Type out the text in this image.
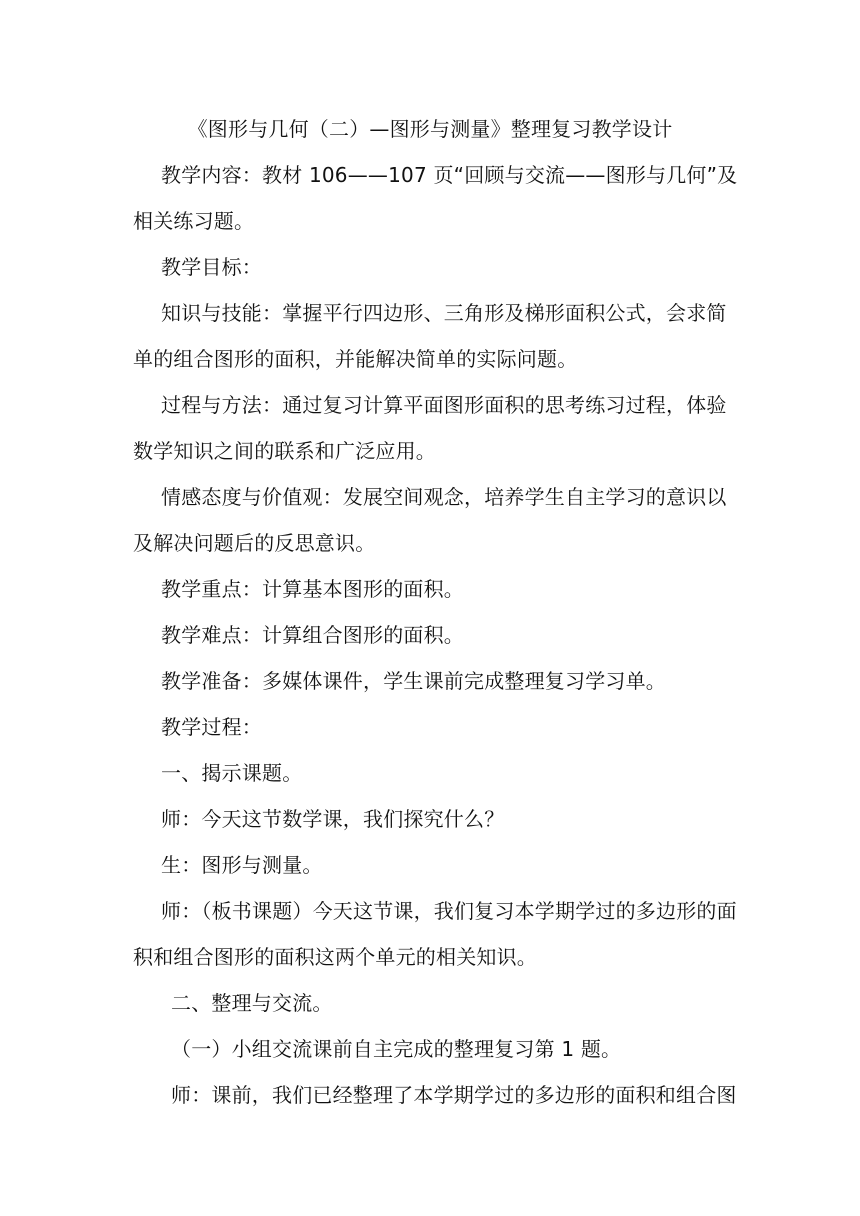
《图形与几何（二）—图形与测量》整理复习教学设计
教学内容：教材 106——107 页“回顾与交流——图形与几何”及
相关练习题。
教学目标：
知识与技能：掌握平行四边形、三角形及梯形面积公式，会求简
单的组合图形的面积，并能解决简单的实际问题。
过程与方法：通过复习计算平面图形面积的思考练习过程，体验
数学知识之间的联系和广泛应用。
情感态度与价值观：发展空间观念，培养学生自主学习的意识以
及解决问题后的反思意识。
教学重点：计算基本图形的面积。
教学难点：计算组合图形的面积。
教学准备：多媒体课件，学生课前完成整理复习学习单。
教学过程：
一、揭示课题。
师：今天这节数学课，我们探究什么？
生：图形与测量。
师：（板书课题）今天这节课，我们复习本学期学过的多边形的面
积和组合图形的面积这两个单元的相关知识。
二、整理与交流。
（一）小组交流课前自主完成的整理复习第 1 题。
师：课前，我们已经整理了本学期学过的多边形的面积和组合图
